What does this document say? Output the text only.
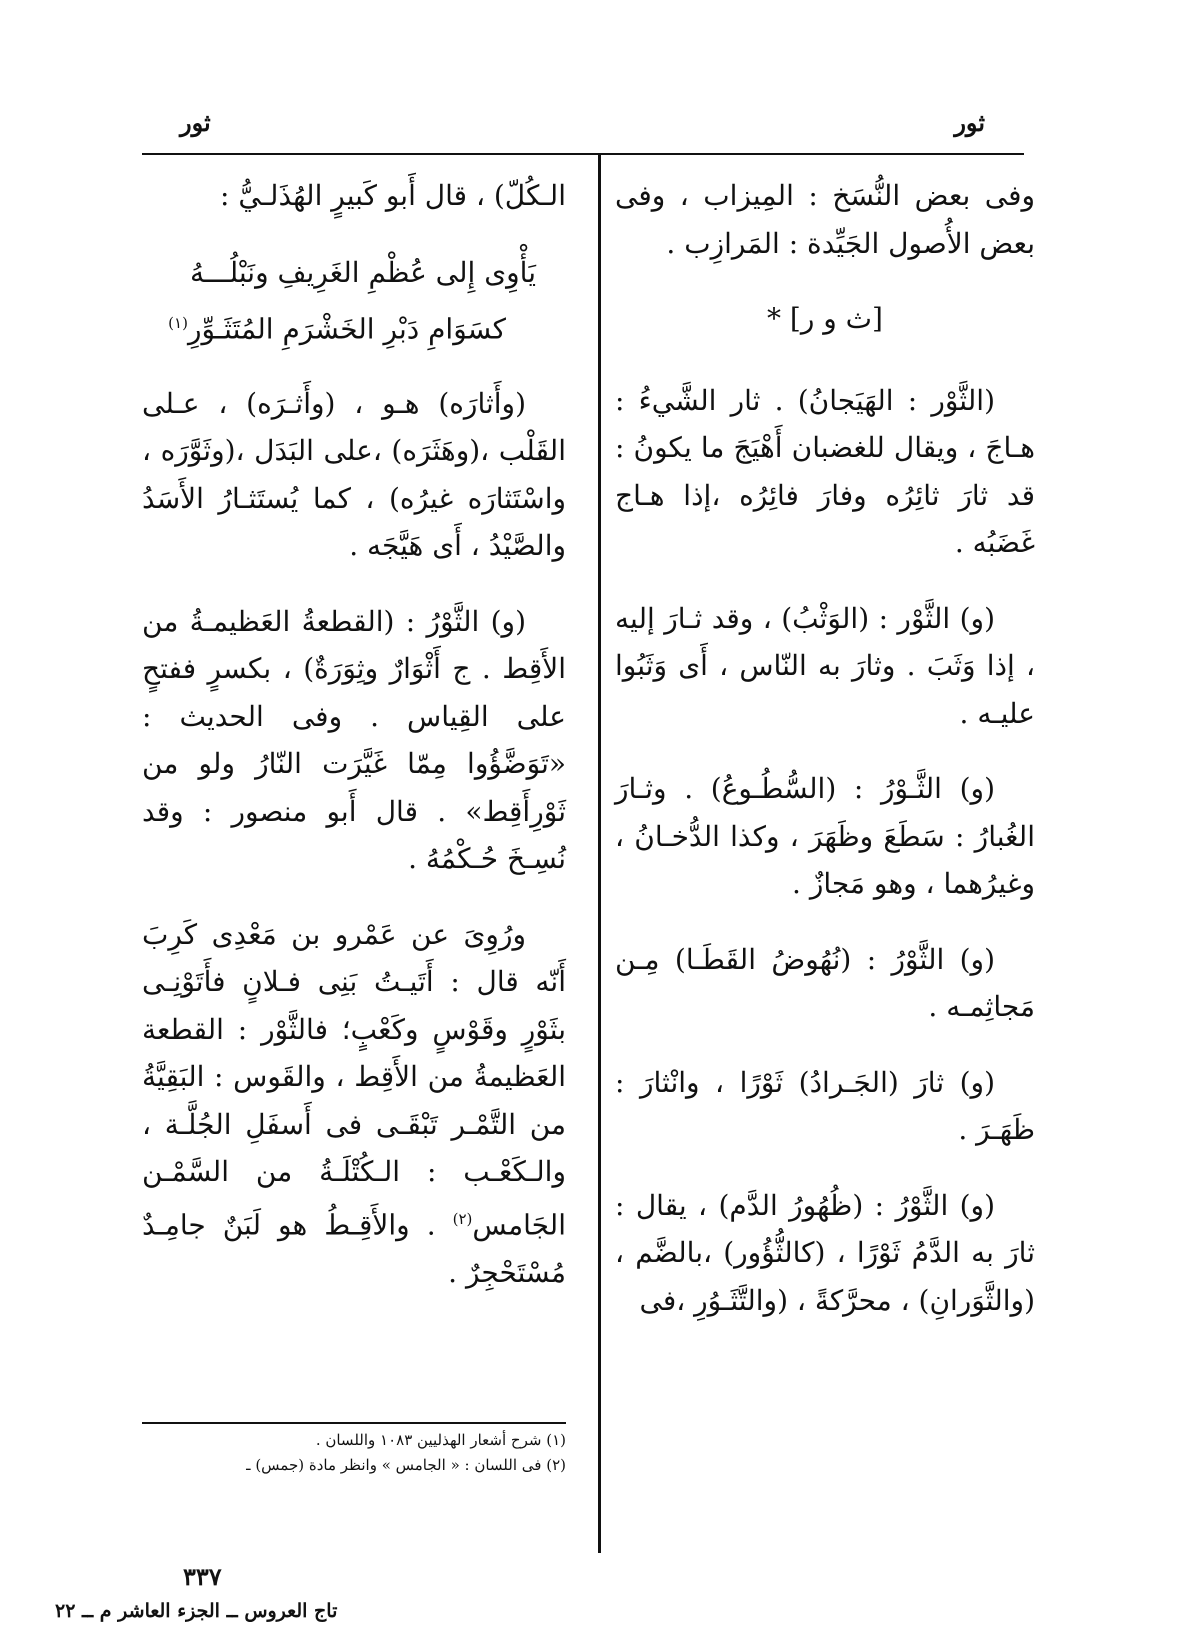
ثور
ثور

وفى بعض النُّسَخ : المِيزاب ، وفى بعض الأُصول الجَيِّدة : المَرازِب .

[ث و ر] *

(الثَّوْر : الهَيَجانُ) . ثار الشَّيءُ : هـاجَ ، ويقال للغضبان أَهْيَجَ ما يكونُ : قد ثارَ ثائِرُه وفارَ فائِرُه ،إذا هـاج غَضَبُه .

(و) الثَّوْر : (الوَثْبُ) ، وقد ثـارَ إليه ، إذا وَثَبَ . وثارَ به النّاس ، أَى وَثَبُوا عليـه .

(و) الثَّـوْرُ : (السُّطُـوعُ) . وثـارَ الغُبارُ : سَطَعَ وظَهَرَ ، وكذا الدُّخـانُ ، وغيرُهما ، وهو مَجازٌ .

(و) الثَّوْرُ : (نُهُوضُ القَطَـا) مِـن مَجاثِمـه .

(و) ثارَ (الجَـرادُ) ثَوْرًا ، وانْثارَ : ظَهَـرَ .

(و) الثَّوْرُ : (ظُهُورُ الدَّم) ، يقال : ثارَ به الدَّمُ ثَوْرًا ، (كالثُّؤُور) ،بالضَّم ، (والثَّوَرانِ) ، محرَّكةً ، (والتَّثَـوُرِ ،فى

الـكُلّ) ، قال أَبو كَبيرٍ الهُذَلـيُّ :

يَأْوِى إِلى عُظْمِ الغَرِيفِ ونَبْلُـــهُ
كسَوَامِ دَبْرِ الخَشْرَمِ المُتَثَـوِّرِ$^{(١)}$

(وأَثارَه) هـو ، (وأَثـرَه) ، عـلى القَلْب ،(وهَثَرَه) ،على البَدَل ،(وثَوَّرَه ، واسْتَثارَه غيرُه) ، كما يُستَثـارُ الأَسَدُ والصَّيْدُ ، أَى هَيَّجَه .

(و) الثَّوْرُ : (القطعةُ العَظيمـةُ من الأَقِط . ج أَثْوَارٌ وثِوَرَةٌ) ، بكسرٍ ففتحٍ على القِياس . وفى الحديث : «تَوَضَّؤُوا مِمّا غَيَّرَت النّارُ ولو من ثَوْرِأَقِط» . قال أَبو منصور : وقد نُسِـخَ حُـكْمُهُ .

ورُوِىَ عن عَمْرو بن مَعْدِى كَرِبَ أَنّه قال : أَتَيـتُ بَنِى فـلانٍ فأَتَوْنِـى بثَوْرٍ وقَوْسٍ وكَعْبٍ؛ فالثَّوْر : القطعة العَظيمةُ من الأَقِط ، والقَوس : البَقِيَّةُ من التَّمْـر تَبْقَـى فى أَسفَلِ الجُلَّـة ، والـكَعْـب : الـكُتْلَـةُ من السَّمْـن الجَامس$^{(٢)}$ . والأَقِـطُ هو لَبَنٌ جامِـدٌ مُسْتَحْجِرٌ .

(١) شرح أشعار الهذليين ١٠٨٣ واللسان .
(٢) فى اللسان : « الجامس » وانظر مادة (جمس) ـ
٣٣٧
تاج العروس ــ الجزء العاشر م ــ ٢٢
